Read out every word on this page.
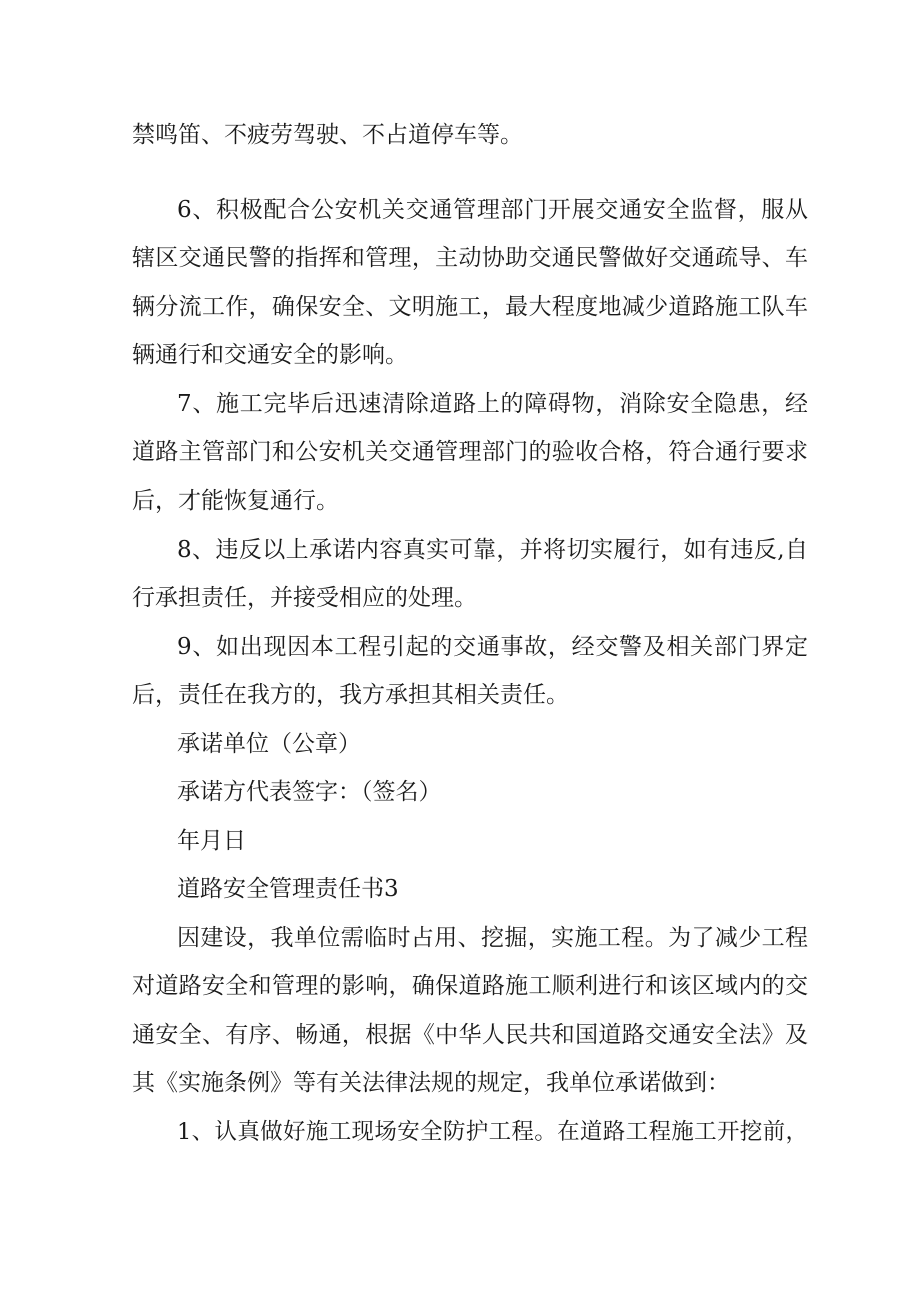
禁鸣笛、不疲劳驾驶、不占道停车等。
6、积极配合公安机关交通管理部门开展交通安全监督，服从
辖区交通民警的指挥和管理，主动协助交通民警做好交通疏导、车
辆分流工作，确保安全、文明施工，最大程度地减少道路施工队车
辆通行和交通安全的影响。
7、施工完毕后迅速清除道路上的障碍物，消除安全隐患，经
道路主管部门和公安机关交通管理部门的验收合格，符合通行要求
后，才能恢复通行。
8、违反以上承诺内容真实可靠，并将切实履行，如有违反,自
行承担责任，并接受相应的处理。
9、如出现因本工程引起的交通事故，经交警及相关部门界定
后，责任在我方的，我方承担其相关责任。
承诺单位（公章）
承诺方代表签字：（签名）
年月日
道路安全管理责任书3
因建设，我单位需临时占用、挖掘，实施工程。为了减少工程
对道路安全和管理的影响，确保道路施工顺利进行和该区域内的交
通安全、有序、畅通，根据《中华人民共和国道路交通安全法》及
其《实施条例》等有关法律法规的规定，我单位承诺做到：
1、认真做好施工现场安全防护工程。在道路工程施工开挖前，
